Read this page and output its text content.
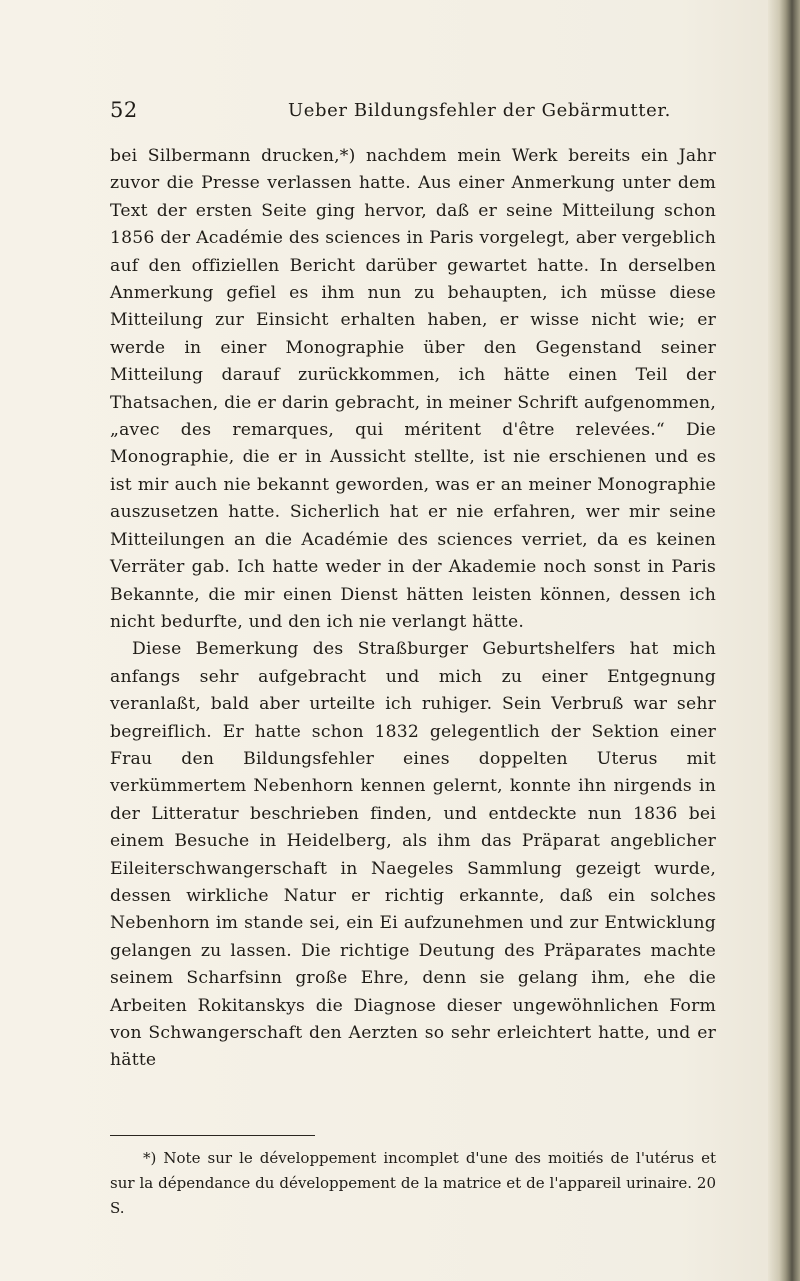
52	Ueber Bildungsfehler der Gebärmutter.

bei Silbermann drucken,*) nachdem mein Werk bereits ein Jahr zuvor die Presse verlassen hatte. Aus einer Anmerkung unter dem Text der ersten Seite ging hervor, daß er seine Mitteilung schon 1856 der Académie des sciences in Paris vorgelegt, aber vergeblich auf den offiziellen Bericht darüber gewartet hatte. In derselben Anmerkung gefiel es ihm nun zu behaupten, ich müsse diese Mitteilung zur Einsicht erhalten haben, er wisse nicht wie; er werde in einer Monographie über den Gegenstand seiner Mitteilung darauf zurückkommen, ich hätte einen Teil der Thatsachen, die er darin gebracht, in meiner Schrift aufgenommen, „avec des remarques, qui méritent d'être relevées.“ Die Monographie, die er in Aussicht stellte, ist nie erschienen und es ist mir auch nie bekannt geworden, was er an meiner Monographie auszusetzen hatte. Sicherlich hat er nie erfahren, wer mir seine Mitteilungen an die Académie des sciences verriet, da es keinen Verräter gab. Ich hatte weder in der Akademie noch sonst in Paris Bekannte, die mir einen Dienst hätten leisten können, dessen ich nicht bedurfte, und den ich nie verlangt hätte.

Diese Bemerkung des Straßburger Geburtshelfers hat mich anfangs sehr aufgebracht und mich zu einer Entgegnung veranlaßt, bald aber urteilte ich ruhiger. Sein Verbruß war sehr begreiflich. Er hatte schon 1832 gelegentlich der Sektion einer Frau den Bildungsfehler eines doppelten Uterus mit verkümmertem Nebenhorn kennen gelernt, konnte ihn nirgends in der Litteratur beschrieben finden, und entdeckte nun 1836 bei einem Besuche in Heidelberg, als ihm das Präparat angeblicher Eileiterschwangerschaft in Naegeles Sammlung gezeigt wurde, dessen wirkliche Natur er richtig erkannte, daß ein solches Nebenhorn im stande sei, ein Ei aufzunehmen und zur Entwicklung gelangen zu lassen. Die richtige Deutung des Präparates machte seinem Scharfsinn große Ehre, denn sie gelang ihm, ehe die Arbeiten Rokitanskys die Diagnose dieser ungewöhnlichen Form von Schwangerschaft den Aerzten so sehr erleichtert hatte, und er hätte

*) Note sur le développement incomplet d'une des moitiés de l'utérus et sur la dépendance du développement de la matrice et de l'appareil urinaire. 20 S.
